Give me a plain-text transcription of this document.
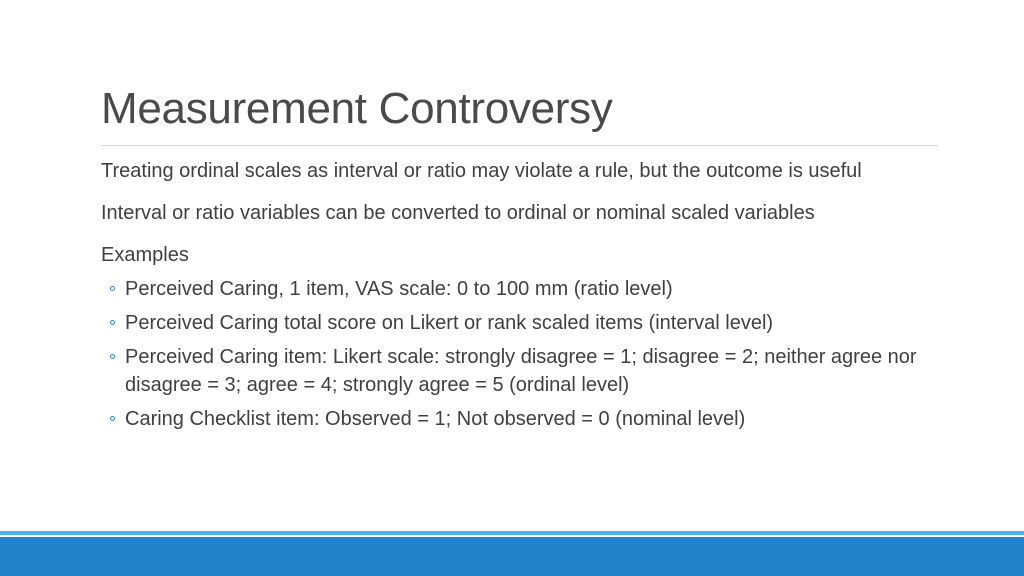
Measurement Controversy

Treating ordinal scales as interval or ratio may violate a rule, but the outcome is useful

Interval or ratio variables can be converted to ordinal or nominal scaled variables

Examples

Perceived Caring, 1 item, VAS scale: 0 to 100 mm (ratio level)
Perceived Caring total score on Likert or rank scaled items (interval level)
Perceived Caring item: Likert scale: strongly disagree = 1; disagree = 2; neither agree nor disagree = 3; agree = 4; strongly agree = 5 (ordinal level)
Caring Checklist item: Observed = 1; Not observed = 0 (nominal level)
